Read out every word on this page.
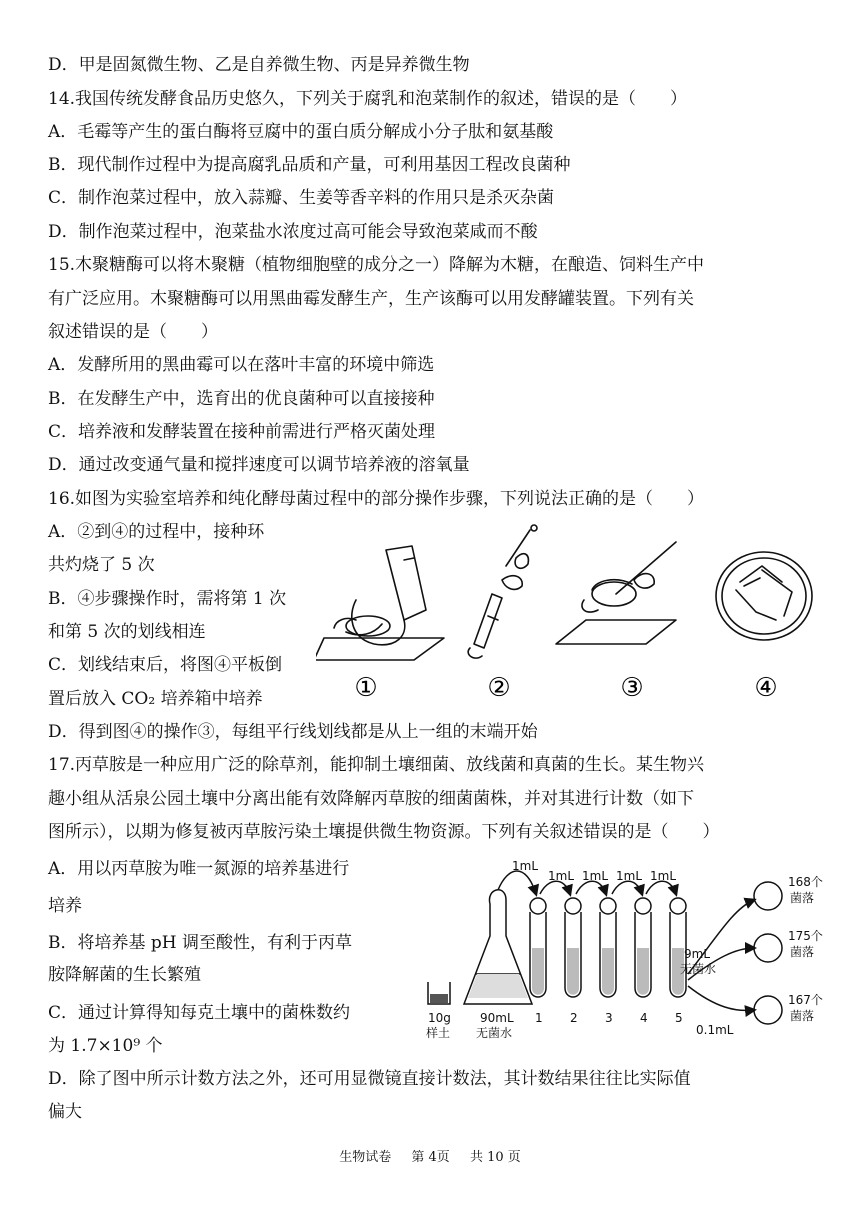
D．甲是固氮微生物、乙是自养微生物、丙是异养微生物
14.我国传统发酵食品历史悠久，下列关于腐乳和泡菜制作的叙述，错误的是（　　）
A．毛霉等产生的蛋白酶将豆腐中的蛋白质分解成小分子肽和氨基酸
B．现代制作过程中为提高腐乳品质和产量，可利用基因工程改良菌种
C．制作泡菜过程中，放入蒜瓣、生姜等香辛料的作用只是杀灭杂菌
D．制作泡菜过程中，泡菜盐水浓度过高可能会导致泡菜咸而不酸
15.木聚糖酶可以将木聚糖（植物细胞壁的成分之一）降解为木糖，在酿造、饲料生产中
有广泛应用。木聚糖酶可以用黑曲霉发酵生产，生产该酶可以用发酵罐装置。下列有关
叙述错误的是（　　）
A．发酵所用的黑曲霉可以在落叶丰富的环境中筛选
B．在发酵生产中，选育出的优良菌种可以直接接种
C．培养液和发酵装置在接种前需进行严格灭菌处理
D．通过改变通气量和搅拌速度可以调节培养液的溶氧量
16.如图为实验室培养和纯化酵母菌过程中的部分操作步骤，下列说法正确的是（　　）
A．②到④的过程中，接种环
共灼烧了 5 次
B．④步骤操作时，需将第 1 次
和第 5 次的划线相连
C．划线结束后，将图④平板倒
置后放入 CO₂ 培养箱中培养
D．得到图④的操作③，每组平行线划线都是从上一组的末端开始
17.丙草胺是一种应用广泛的除草剂，能抑制土壤细菌、放线菌和真菌的生长。某生物兴
趣小组从活泉公园土壤中分离出能有效降解丙草胺的细菌菌株，并对其进行计数（如下
图所示），以期为修复被丙草胺污染土壤提供微生物资源。下列有关叙述错误的是（　　）
A．用以丙草胺为唯一氮源的培养基进行
培养
B．将培养基 pH 调至酸性，有利于丙草
胺降解菌的生长繁殖
C．通过计算得知每克土壤中的菌株数约
为 1.7×10⁹ 个
D．除了图中所示计数方法之外，还可用显微镜直接计数法，其计数结果往往比实际值
偏大
①	②	③	④
1mL
1mL 1mL 1mL 1mL
10g
样土
90mL
无菌水
1 2 3 4 5
9mL
无菌水
0.1mL
168个
菌落
175个
菌落
167个
菌落
生物试卷 第 4页 共 10 页
